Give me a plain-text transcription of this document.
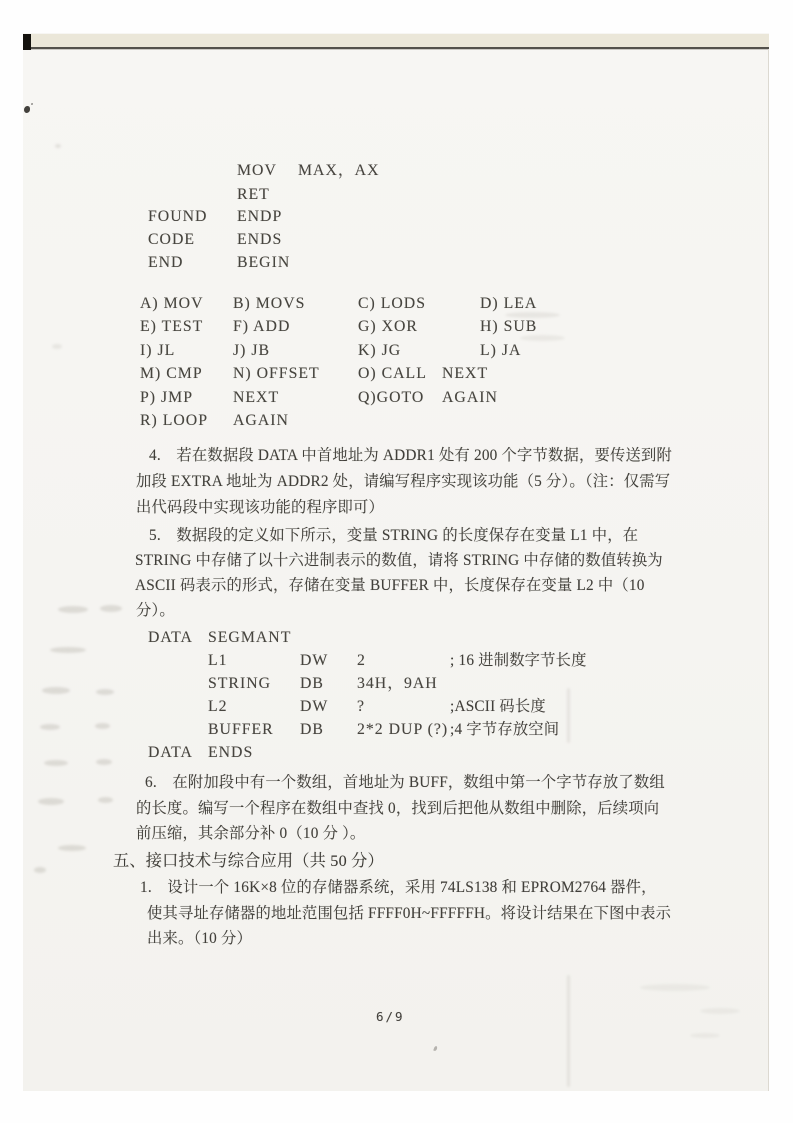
MOV MAX，AX
RET
FOUND ENDP
CODE	ENDS
END	BEGIN
A) MOV B) MOVS	C) LODS	D) LEA
E) TEST F) ADD	G) XOR	H) SUB
I) JL	J) JB	K) JG	L) JA
M) CMP N) OFFSET O) CALL NEXT
P) JMP	NEXT	Q)GOTO AGAIN
R) LOOP AGAIN
4.　若在数据段 DATA 中首地址为 ADDR1 处有 200 个字节数据，要传送到附
加段 EXTRA 地址为 ADDR2 处，请编写程序实现该功能（5 分）。（注：仅需写
出代码段中实现该功能的程序即可）
5.　数据段的定义如下所示，变量 STRING 的长度保存在变量 L1 中，在
STRING 中存储了以十六进制表示的数值，请将 STRING 中存储的数值转换为
ASCII 码表示的形式，存储在变量 BUFFER 中，长度保存在变量 L2 中（10
分）。
DATA SEGMANT
L1	DW 2	; 16 进制数字节长度
STRING DB 34H，9AH
L2	DW ?	;ASCII 码长度
BUFFER DB 2*2 DUP (?) ;4 字节存放空间
DATA ENDS
6.　在附加段中有一个数组，首地址为 BUFF，数组中第一个字节存放了数组
的长度。编写一个程序在数组中查找 0，找到后把他从数组中删除，后续项向
前压缩，其余部分补 0（10 分 ）。
五、接口技术与综合应用（共 50 分）
1.　设计一个 16K×8 位的存储器系统，采用 74LS138 和 EPROM2764 器件，
使其寻址存储器的地址范围包括 FFFF0H~FFFFFH。将设计结果在下图中表示
出来。（10 分）
6/9
